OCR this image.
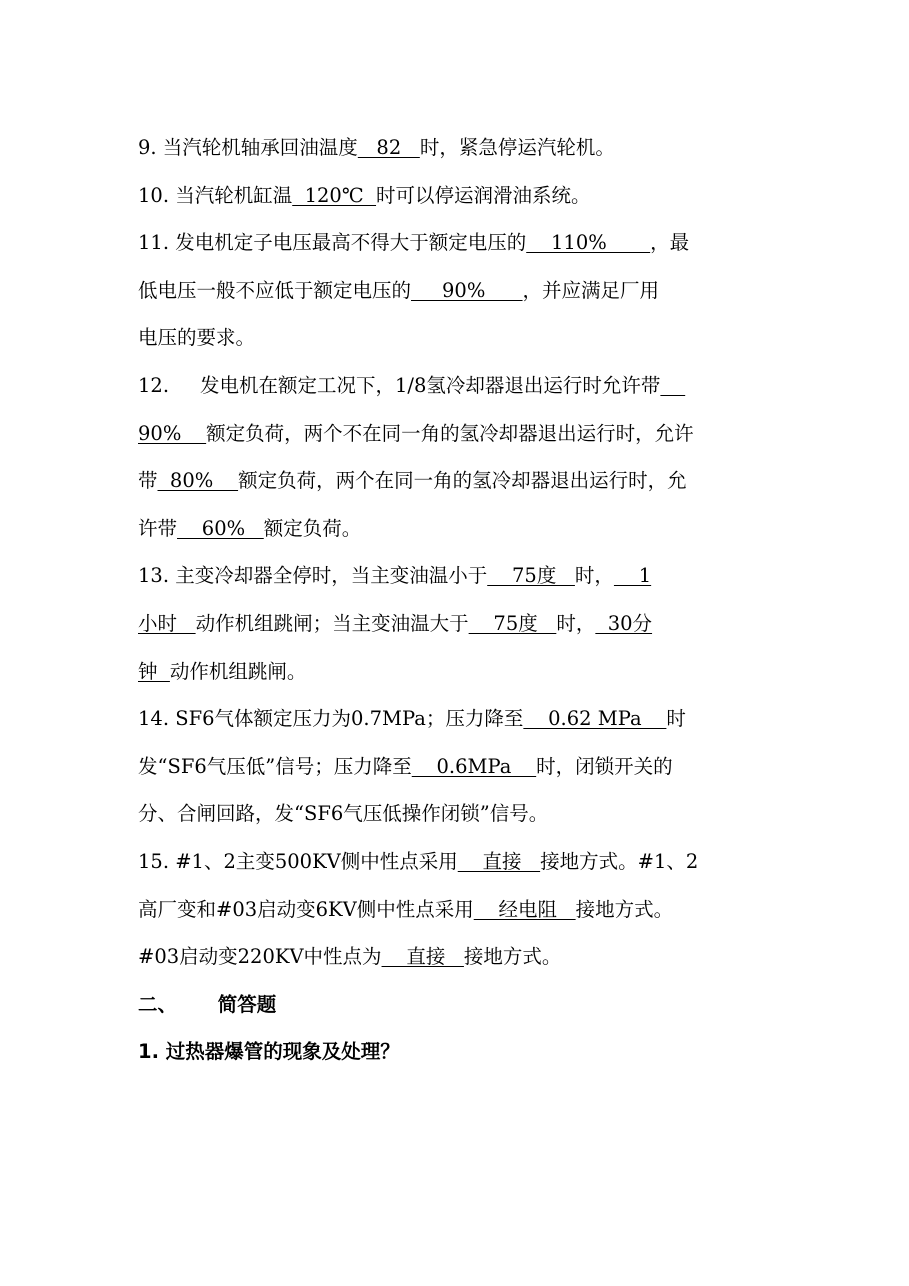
9. 当汽轮机轴承回油温度   82   时，紧急停运汽轮机。
10. 当汽轮机缸温  120℃  时可以停运润滑油系统。
11. 发电机定子电压最高不得大于额定电压的    110%       ，最
低电压一般不应低于额定电压的     90%      ，并应满足厂用
电压的要求。
12.     发电机在额定工况下，1/8氢冷却器退出运行时允许带
90%    额定负荷，两个不在同一角的氢冷却器退出运行时，允许
带  80%    额定负荷，两个在同一角的氢冷却器退出运行时，允
许带    60%   额定负荷。
13. 主变冷却器全停时，当主变油温小于    75度   时，    1
小时   动作机组跳闸；当主变油温大于    75度   时，  30分
钟  动作机组跳闸。
14. SF6气体额定压力为0.7MPa；压力降至    0.62 MPa    时
发“SF6气压低”信号；压力降至    0.6MPa    时，闭锁开关的
分、合闸回路，发“SF6气压低操作闭锁”信号。
15. #1、2主变500KV侧中性点采用    直接   接地方式。#1、2
高厂变和#03启动变6KV侧中性点采用    经电阻   接地方式。
#03启动变220KV中性点为    直接   接地方式。
二、 简答题
1. 过热器爆管的现象及处理？
